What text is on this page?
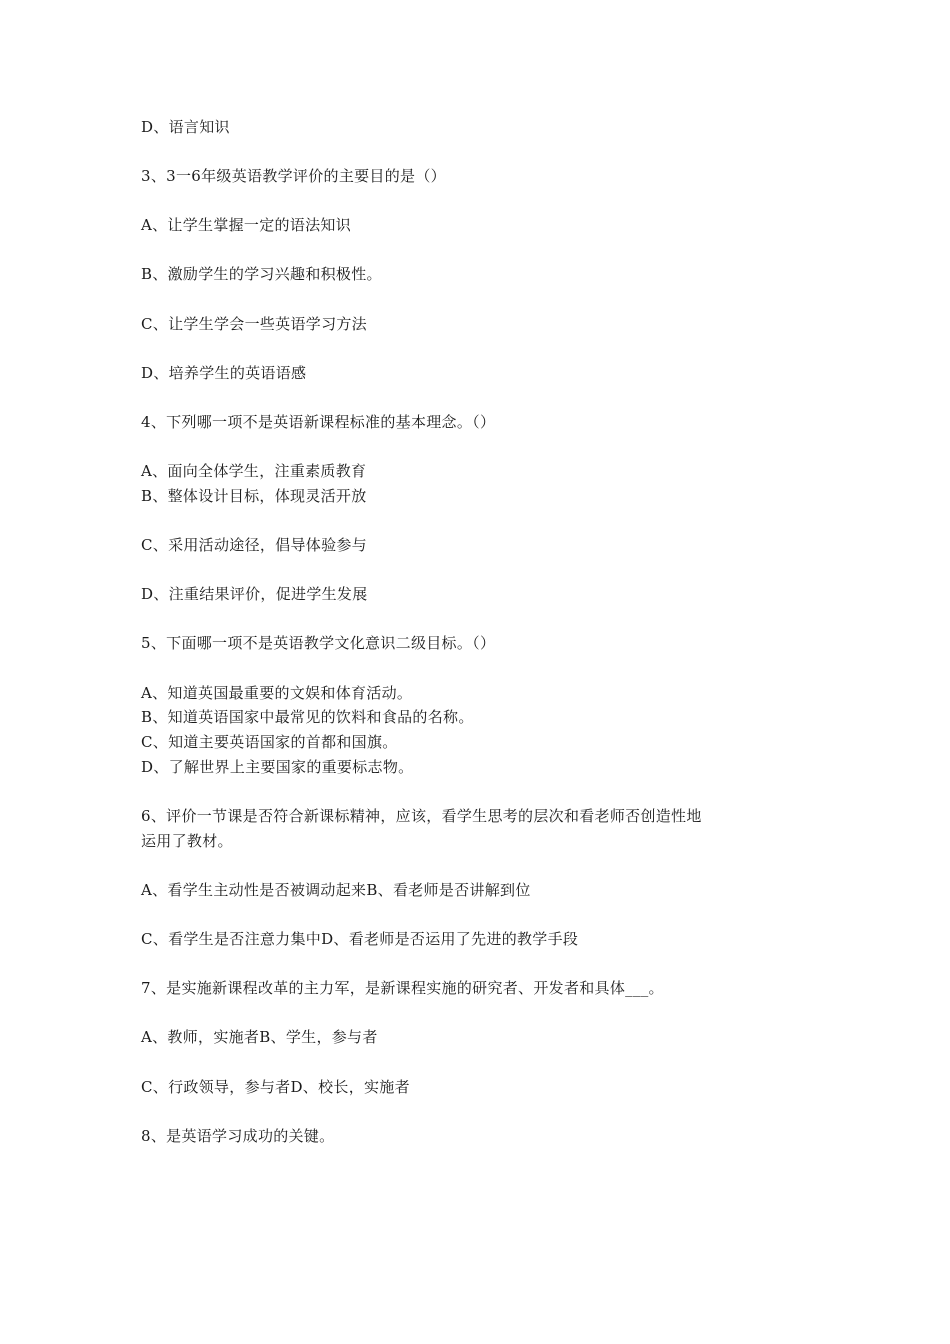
D、语言知识
3、3一6年级英语教学评价的主要目的是（）
A、让学生掌握一定的语法知识
B、激励学生的学习兴趣和积极性。
C、让学生学会一些英语学习方法
D、培养学生的英语语感
4、下列哪一项不是英语新课程标准的基本理念。（）
A、面向全体学生，注重素质教育
B、整体设计目标，体现灵活开放
C、采用活动途径，倡导体验参与
D、注重结果评价，促进学生发展
5、下面哪一项不是英语教学文化意识二级目标。（）
A、知道英国最重要的文娱和体育活动。
B、知道英语国家中最常见的饮料和食品的名称。
C、知道主要英语国家的首都和国旗。
D、了解世界上主要国家的重要标志物。
6、评价一节课是否符合新课标精神，应该，看学生思考的层次和看老师否创造性地
运用了教材。
A、看学生主动性是否被调动起来B、看老师是否讲解到位
C、看学生是否注意力集中D、看老师是否运用了先进的教学手段
7、是实施新课程改革的主力军，是新课程实施的研究者、开发者和具体___。
A、教师，实施者B、学生，参与者
C、行政领导，参与者D、校长，实施者
8、是英语学习成功的关键。
